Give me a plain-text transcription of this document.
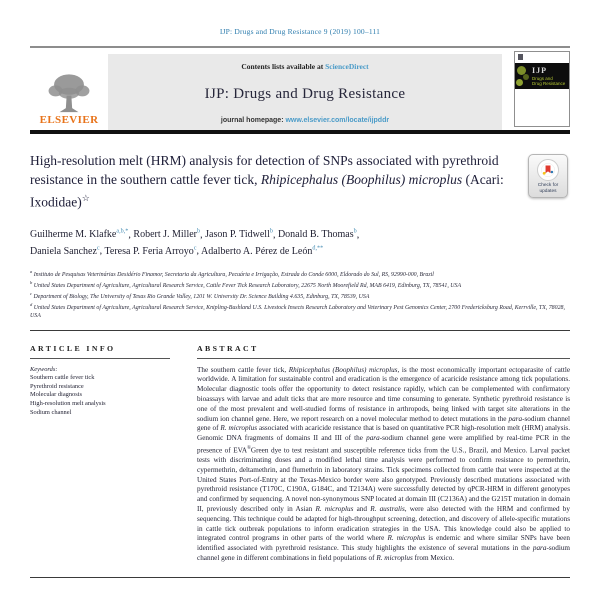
IJP: Drugs and Drug Resistance 9 (2019) 100–111
ELSEVIER
Contents lists available at ScienceDirect
IJP: Drugs and Drug Resistance
journal homepage: www.elsevier.com/locate/ijpddr
IJP
Drugs and
Drug Resistance
High-resolution melt (HRM) analysis for detection of SNPs associated with pyrethroid resistance in the southern cattle fever tick, Rhipicephalus (Boophilus) microplus (Acari: Ixodidae)☆
Check for
updates
Guilherme M. Klafke$^{a,b,*}$, Robert J. Miller$^b$, Jason P. Tidwell$^b$, Donald B. Thomas$^b$,
Daniela Sanchez$^c$, Teresa P. Feria Arroyo$^c$, Adalberto A. Pérez de León$^{d,**}$
$^a$ Instituto de Pesquisas Veterinárias Desidério Finamor, Secretaria da Agricultura, Pecuária e Irrigação, Estrada do Conde 6000, Eldorado do Sul, RS, 92990-000, Brazil
$^b$ United States Department of Agriculture, Agricultural Research Service, Cattle Fever Tick Research Laboratory, 22675 North Moorefield Rd, MAB 6419, Edinburg, TX, 78541, USA
$^c$ Department of Biology, The University of Texas Rio Grande Valley, 1201 W. University Dr. Science Building 4.635, Edinburg, TX, 78539, USA
$^d$ United States Department of Agriculture, Agricultural Research Service, Knipling-Bushland U.S. Livestock Insects Research Laboratory and Veterinary Pest Genomics Center, 2700 Fredericksburg Road, Kerrville, TX, 78028, USA
ARTICLE INFO
Keywords:
Southern cattle fever tick
Pyrethroid resistance
Molecular diagnosis
High-resolution melt analysis
Sodium channel
ABSTRACT
The southern cattle fever tick, Rhipicephalus (Boophilus) microplus, is the most economically important ectoparasite of cattle worldwide. A limitation for sustainable control and eradication is the emergence of acaricide resistance among tick populations. Molecular diagnostic tools offer the opportunity to detect resistance rapidly, which can be complemented with confirmatory bioassays with larvae and adult ticks that are more resource and time consuming to generate. Synthetic pyrethroid resistance is one of the most prevalent and well-studied forms of resistance in arthropods, being linked with target site alterations in the sodium ion channel gene. Here, we report research on a novel molecular method to detect mutations in the para-sodium channel gene of R. microplus associated with acaricide resistance that is based on quantitative PCR high-resolution melt (HRM) analysis. Genomic DNA fragments of domains II and III of the para-sodium channel gene were amplified by real-time PCR in the presence of EVA®Green dye to test resistant and susceptible reference ticks from the U.S., Brazil, and Mexico. Larval packet tests with discriminating doses and a modified lethal time analysis were performed to confirm resistance to permethrin, cypermethrin, deltamethrin, and flumethrin in laboratory strains. Tick specimens collected from cattle that were inspected at the United States Port-of-Entry at the Texas-Mexico border were also genotyped. Previously described mutations associated with pyrethroid resistance (T170C, C190A, G184C, and T2134A) were successfully detected by qPCR-HRM in different genotypes and confirmed by sequencing. A novel non-synonymous SNP located at domain III (C2136A) and the G215T mutation in domain II, previously described only in Asian R. microplus and R. australis, were also detected with the HRM and confirmed by sequencing. This technique could be adapted for high-throughput screening, detection, and discovery of allele-specific mutations in cattle tick outbreak populations to inform eradication strategies in the USA. This knowledge could also be applied to integrated control programs in other parts of the world where R. microplus is endemic and where similar SNPs have been identified associated with pyrethroid resistance. This study highlights the existence of several mutations in the para-sodium channel gene in different combinations in field populations of R. microplus from Mexico.
